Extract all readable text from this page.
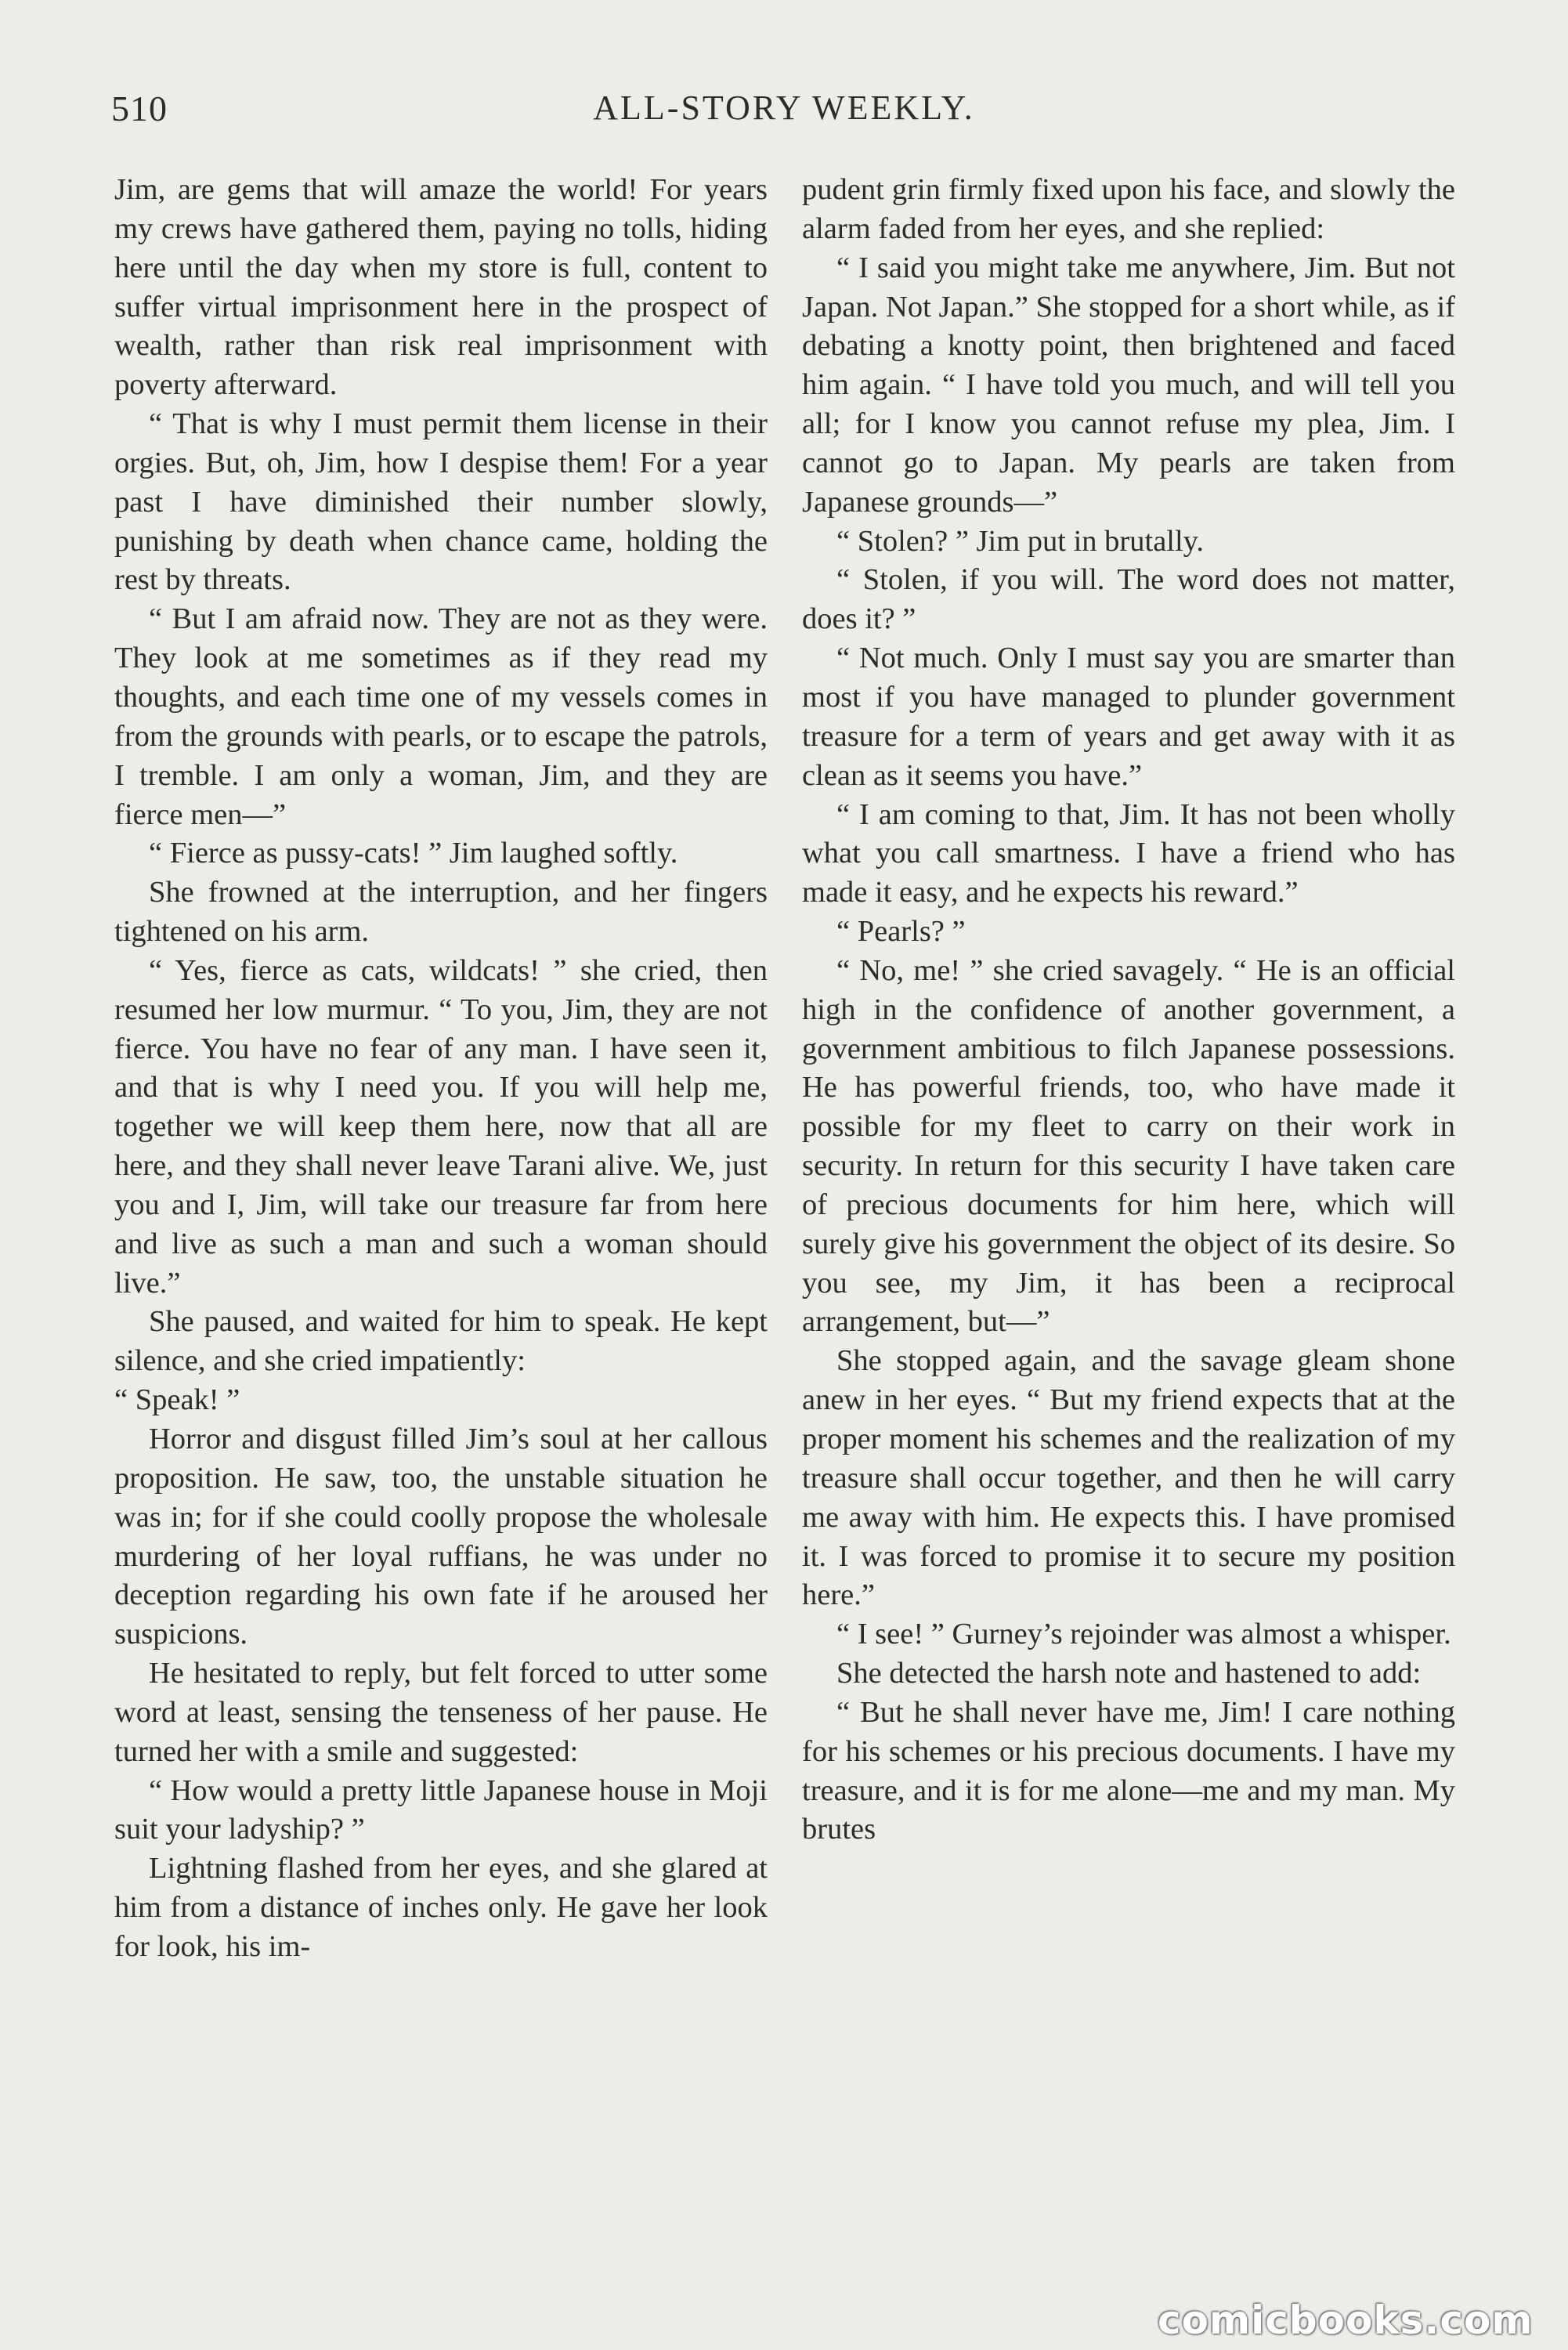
510	ALL-STORY WEEKLY.

Jim, are gems that will amaze the world! For years my crews have gathered them, paying no tolls, hiding here until the day when my store is full, content to suffer virtual imprisonment here in the prospect of wealth, rather than risk real imprisonment with poverty afterward.

“ That is why I must permit them license in their orgies. But, oh, Jim, how I despise them! For a year past I have diminished their number slowly, punishing by death when chance came, holding the rest by threats.

“ But I am afraid now. They are not as they were. They look at me sometimes as if they read my thoughts, and each time one of my vessels comes in from the grounds with pearls, or to escape the patrols, I tremble. I am only a woman, Jim, and they are fierce men—”

“ Fierce as pussy-cats! ” Jim laughed softly.

She frowned at the interruption, and her fingers tightened on his arm.

“ Yes, fierce as cats, wildcats! ” she cried, then resumed her low murmur. “ To you, Jim, they are not fierce. You have no fear of any man. I have seen it, and that is why I need you. If you will help me, together we will keep them here, now that all are here, and they shall never leave Tarani alive. We, just you and I, Jim, will take our treasure far from here and live as such a man and such a woman should live.”

She paused, and waited for him to speak. He kept silence, and she cried impatiently:

“ Speak! ”

Horror and disgust filled Jim’s soul at her callous proposition. He saw, too, the unstable situation he was in; for if she could coolly propose the wholesale murdering of her loyal ruffians, he was under no deception regarding his own fate if he aroused her suspicions.

He hesitated to reply, but felt forced to utter some word at least, sensing the tenseness of her pause. He turned her with a smile and suggested:

“ How would a pretty little Japanese house in Moji suit your ladyship? ”

Lightning flashed from her eyes, and she glared at him from a distance of inches only. He gave her look for look, his im-

pudent grin firmly fixed upon his face, and slowly the alarm faded from her eyes, and she replied:

“ I said you might take me anywhere, Jim. But not Japan. Not Japan.” She stopped for a short while, as if debating a knotty point, then brightened and faced him again. “ I have told you much, and will tell you all; for I know you cannot refuse my plea, Jim. I cannot go to Japan. My pearls are taken from Japanese grounds—”

“ Stolen? ” Jim put in brutally.

“ Stolen, if you will. The word does not matter, does it? ”

“ Not much. Only I must say you are smarter than most if you have managed to plunder government treasure for a term of years and get away with it as clean as it seems you have.”

“ I am coming to that, Jim. It has not been wholly what you call smartness. I have a friend who has made it easy, and he expects his reward.”

“ Pearls? ”

“ No, me! ” she cried savagely. “ He is an official high in the confidence of another government, a government ambitious to filch Japanese possessions. He has powerful friends, too, who have made it possible for my fleet to carry on their work in security. In return for this security I have taken care of precious documents for him here, which will surely give his government the object of its desire. So you see, my Jim, it has been a reciprocal arrangement, but—”

She stopped again, and the savage gleam shone anew in her eyes. “ But my friend expects that at the proper moment his schemes and the realization of my treasure shall occur together, and then he will carry me away with him. He expects this. I have promised it. I was forced to promise it to secure my position here.”

“ I see! ” Gurney’s rejoinder was almost a whisper.

She detected the harsh note and hastened to add:

“ But he shall never have me, Jim! I care nothing for his schemes or his precious documents. I have my treasure, and it is for me alone—me and my man. My brutes

comicbooks.com
